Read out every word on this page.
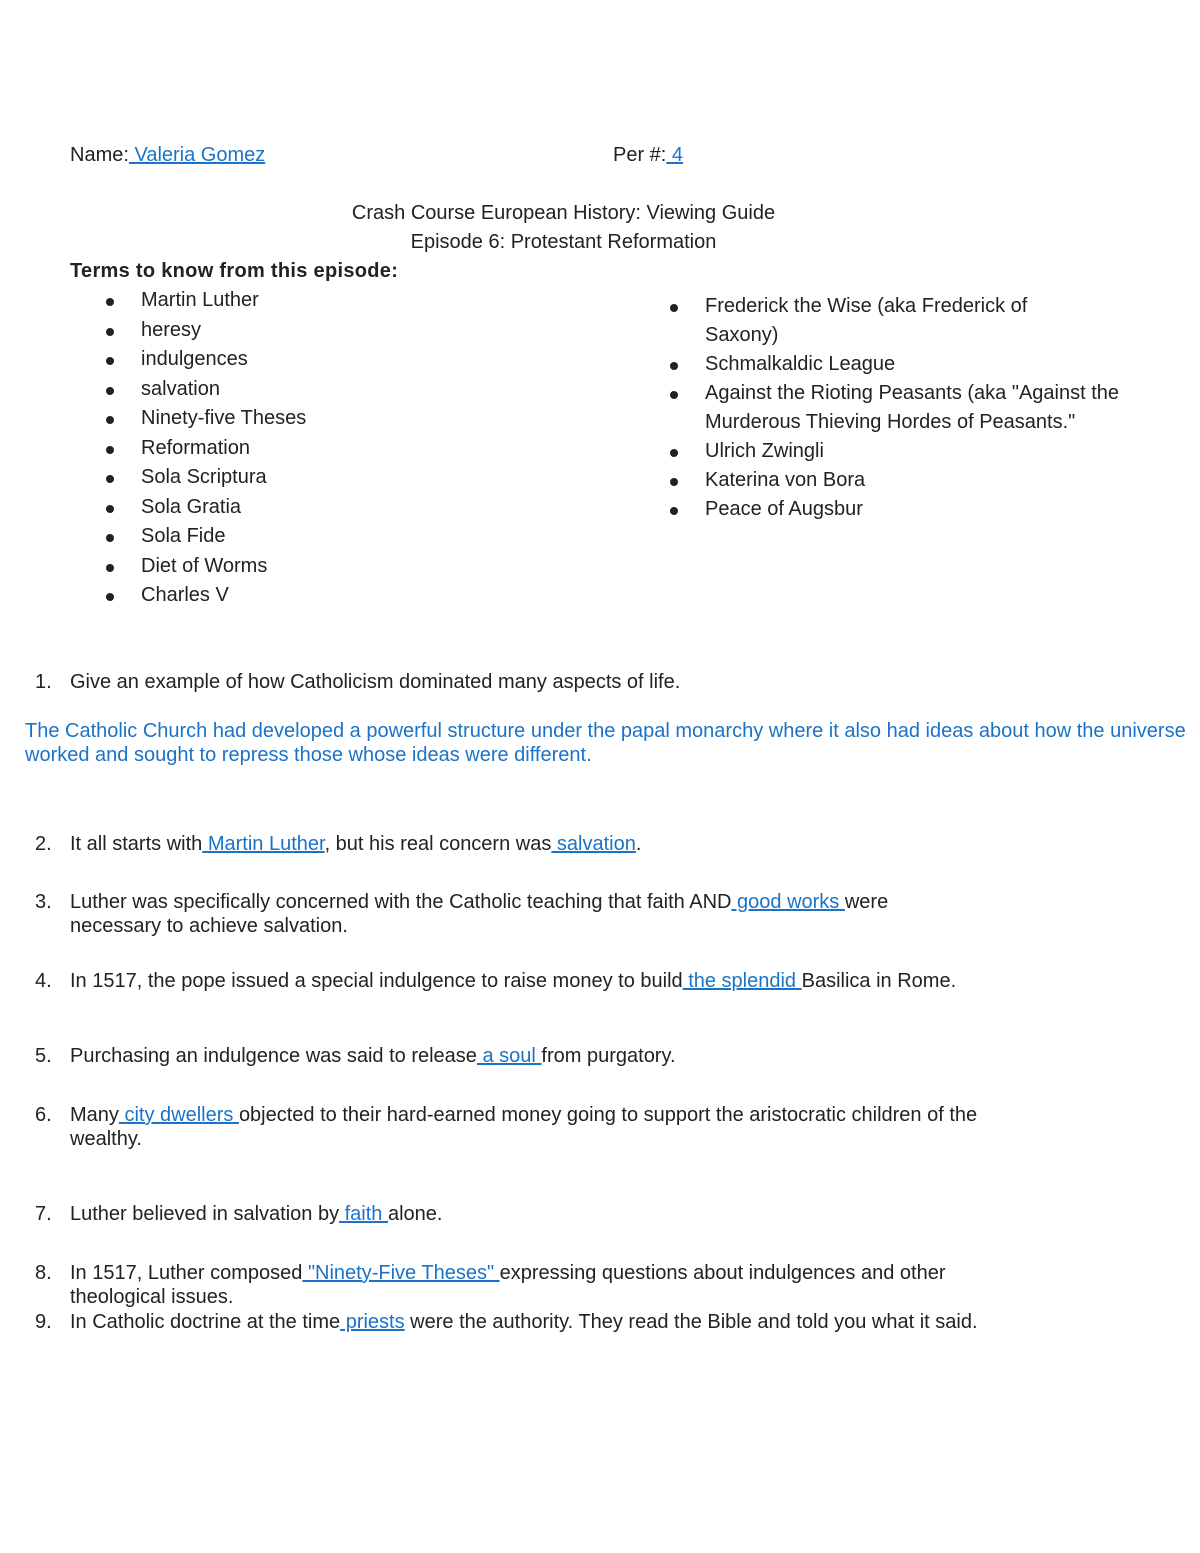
Name: Valeria Gomez	Per #: 4
Crash Course European History: Viewing Guide
Episode 6: Protestant Reformation
Terms to know from this episode:
Martin Luther
heresy
indulgences
salvation
Ninety-five Theses
Reformation
Sola Scriptura
Sola Gratia
Sola Fide
Diet of Worms
Charles V
Frederick the Wise (aka Frederick of Saxony)
Schmalkaldic League
Against the Rioting Peasants (aka "Against the Murderous Thieving Hordes of Peasants."
Ulrich Zwingli
Katerina von Bora
Peace of Augsbur
1. Give an example of how Catholicism dominated many aspects of life.
The Catholic Church had developed a powerful structure under the papal monarchy where it also had ideas about how the universe worked and sought to repress those whose ideas were different.
2. It all starts with Martin Luther, but his real concern was salvation.
3. Luther was specifically concerned with the Catholic teaching that faith AND good works were
necessary to achieve salvation.
4. In 1517, the pope issued a special indulgence to raise money to build the splendid Basilica in Rome.
5. Purchasing an indulgence was said to release a soul from purgatory.
6. Many city dwellers objected to their hard-earned money going to support the aristocratic children of the
wealthy.
7. Luther believed in salvation by faith alone.
8. In 1517, Luther composed "Ninety-Five Theses" expressing questions about indulgences and other
theological issues.
9. In Catholic doctrine at the time priests were the authority. They read the Bible and told you what it said.
